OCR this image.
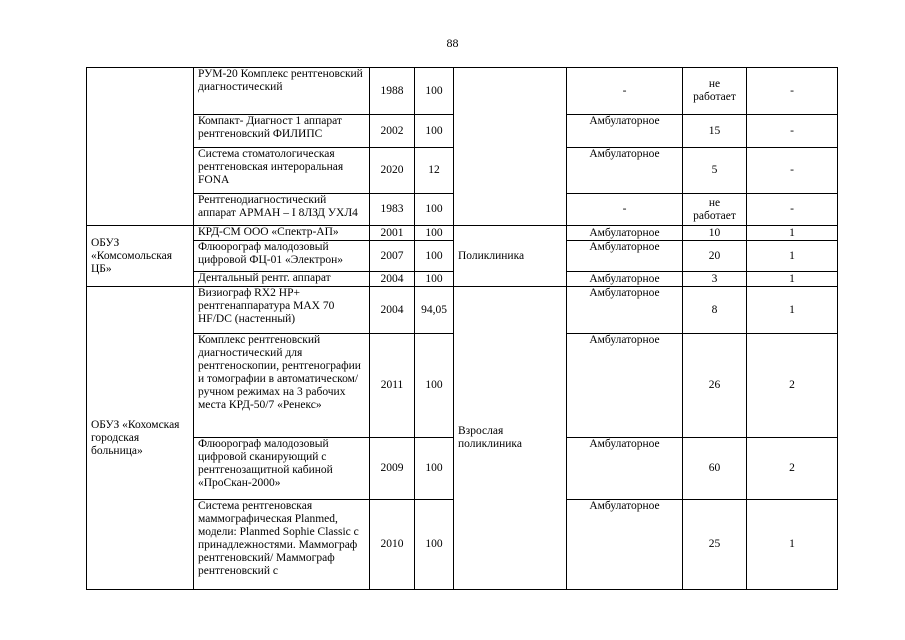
88
	РУМ-20 Комплекс рентгеновский диагностический	1988	100		-	не работает	-
	Компакт- Диагност 1 аппарат рентгеновский ФИЛИПС	2002	100		Амбулаторное	15	-
	Система стоматологическая рентгеновская интероральная FONA	2020	12		Амбулаторное	5	-
	Рентгенодиагностический аппарат АРМАН – I 8ЛЗД УХЛ4	1983	100		-	не работает	-
ОБУЗ «Комсомольская ЦБ»	КРД-СМ ООО «Спектр-АП»	2001	100	Поликлиника	Амбулаторное	10	1
	Флюорограф малодозовый цифровой ФЦ-01 «Электрон»	2007	100		Амбулаторное	20	1
	Дентальный рентг. аппарат	2004	100		Амбулаторное	3	1
ОБУЗ «Кохомская городская больница»	Визиограф RX2 HP+ рентгенаппаратура MAX 70 HF/DC (настенный)	2004	94,05	Взрослая поликлиника	Амбулаторное	8	1
	Комплекс рентгеновский диагностический для рентгеноскопии, рентгенографии и томографии в автоматическом/ручном режимах на 3 рабочих места КРД-50/7 «Ренекс»	2011	100		Амбулаторное	26	2
	Флюорограф малодозовый цифровой сканирующий с рентгенозащитной кабиной «ПроСкан-2000»	2009	100		Амбулаторное	60	2
	Система рентгеновская маммографическая Planmed, модели: Planmed Sophie Classic с принадлежностями. Маммограф рентгеновский/ Маммограф рентгеновский с	2010	100		Амбулаторное	25	1
